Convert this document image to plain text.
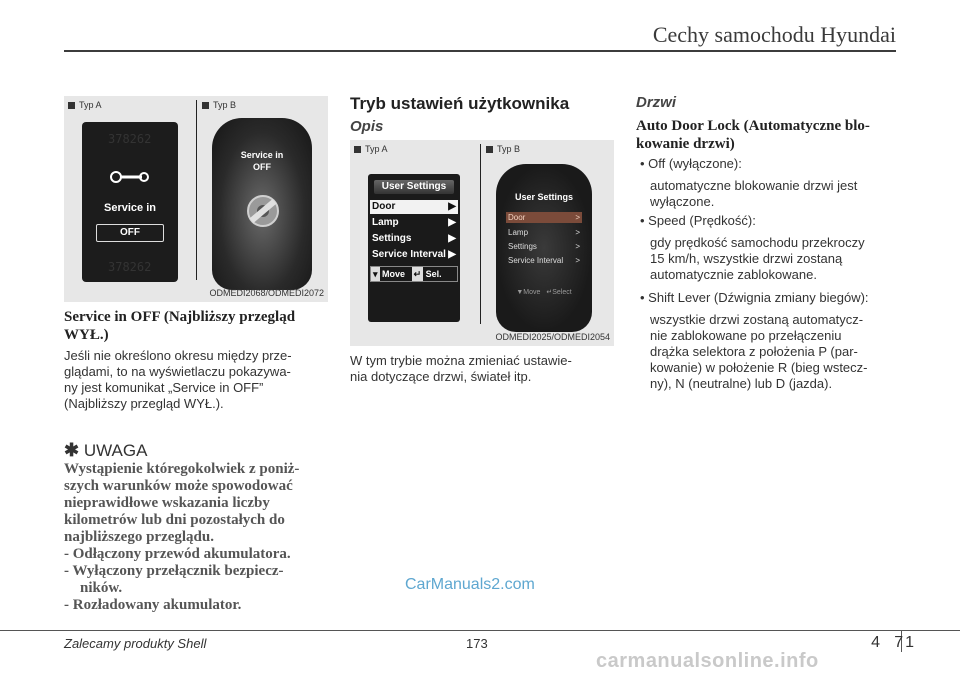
Cechy samochodu Hyundai
Typ A	Typ B
378262
Service in
OFF
378262
Service in
OFF
ODMEDI2068/ODMEDI2072
Service in OFF (Najbliższy przegląd
WYŁ.)
Jeśli nie określono okresu między prze-
glądami, to na wyświetlaczu pokazywa-
ny jest komunikat „Service in OFF”
(Najbliższy przegląd WYŁ.).
✱ UWAGA
Wystąpienie któregokolwiek z poniż-
szych warunków może spowodować
nieprawidłowe wskazania liczby
kilometrów lub dni pozostałych do
najbliższego przeglądu.
- Odłączony przewód akumulatora.
- Wyłączony przełącznik bezpiecz-
ników.
- Rozładowany akumulator.
Tryb ustawień użytkownika
Opis
Typ A	Typ B
User Settings
Door	▶
Lamp	▶
Settings	▶
Service Interval ▶
▾ Move ↵ Sel.
User Settings
Door	>
Lamp	>
Settings	>
Service Interval >
▼Move ↵Select
ODMEDI2025/ODMEDI2054
W tym trybie można zmieniać ustawie-
nia dotyczące drzwi, świateł itp.
Drzwi
Auto Door Lock (Automatyczne blo-
kowanie drzwi)
• Off (wyłączone):
automatyczne blokowanie drzwi jest
wyłączone.
• Speed (Prędkość):
gdy prędkość samochodu przekroczy
15 km/h, wszystkie drzwi zostaną
automatycznie zablokowane.
• Shift Lever (Dźwignia zmiany biegów):
wszystkie drzwi zostaną automatycz-
nie zablokowane po przełączeniu
drążka selektora z położenia P (par-
kowanie) w położenie R (bieg wstecz-
ny), N (neutralne) lub D (jazda).
CarManuals2.com
Zalecamy produkty Shell	173	4 71
carmanualsonline.info
